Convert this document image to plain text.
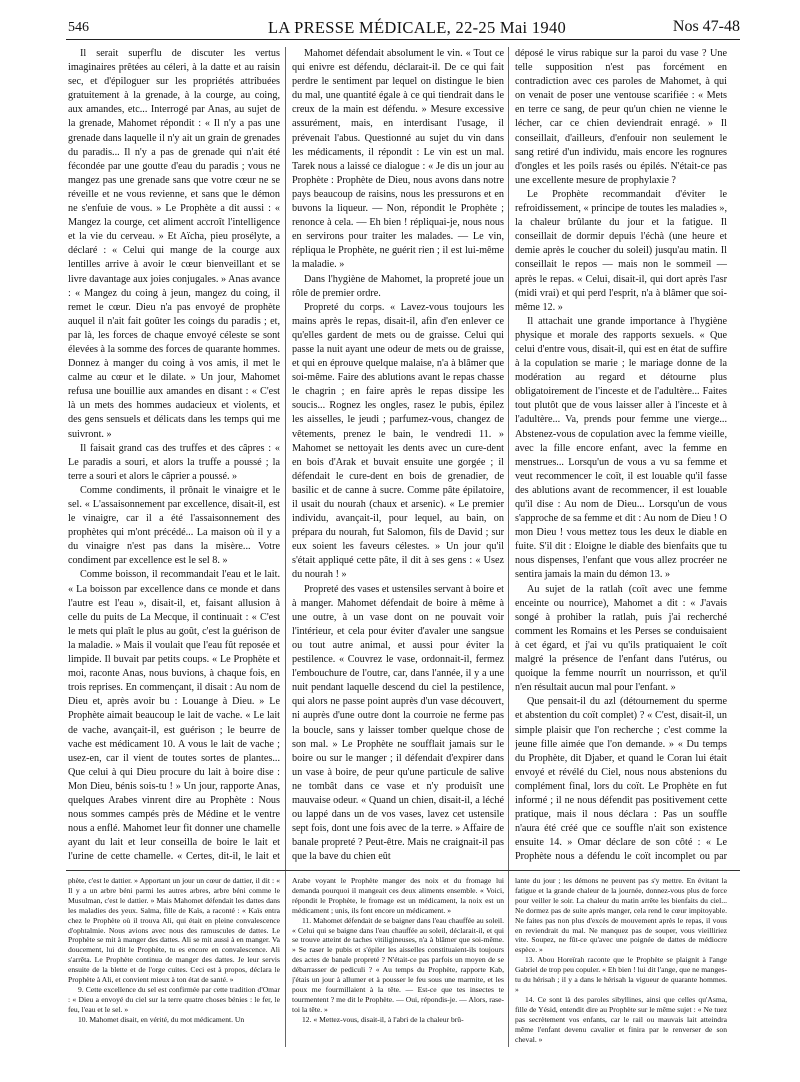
546	LA PRESSE MÉDICALE, 22-25 Mai 1940	Nos 47-48

Il serait superflu de discuter les vertus imaginaires prêtées au céleri, à la datte et au raisin sec, et d'épiloguer sur les propriétés attribuées gratuitement à la grenade, à la courge, au coing, aux amandes, etc... Interrogé par Anas, au sujet de la grenade, Mahomet répondit : « Il n'y a pas une grenade dans laquelle il n'y ait un grain de grenades du paradis... Il n'y a pas de grenade qui n'ait été fécondée par une goutte d'eau du paradis ; vous ne mangez pas une grenade sans que votre cœur ne se réveille et ne vous revienne, et sans que le démon ne s'enfuie de vous. » Le Prophète a dit aussi : « Mangez la courge, cet aliment accroît l'intelligence et la vie du cerveau. » Et Aïcha, pieu prosélyte, a déclaré : « Celui qui mange de la courge aux lentilles arrive à avoir le cœur bienveillant et se livre davantage aux joies conjugales. » Anas avance : « Mangez du coing à jeun, mangez du coing, il remet le cœur. Dieu n'a pas envoyé de prophète auquel il n'ait fait goûter les coings du paradis ; et, par là, les forces de chaque envoyé céleste se sont élevées à la somme des forces de quarante hommes. Donnez à manger du coing à vos amis, il met le calme au cœur et le dilate. » Un jour, Mahomet refusa une bouillie aux amandes en disant : « C'est là un mets des hommes audacieux et violents, et des gens sensuels et délicats dans les temps qui me suivront. »

Il faisait grand cas des truffes et des câpres : « Le paradis a souri, et alors la truffe a poussé ; la terre a souri et alors le câprier a poussé. »

Comme condiments, il prônait le vinaigre et le sel. « L'assaisonnement par excellence, disait-il, est le vinaigre, car il a été l'assaisonnement des prophètes qui m'ont précédé... La maison où il y a du vinaigre n'est pas dans la misère... Votre condiment par excellence est le sel 8. »

Comme boisson, il recommandait l'eau et le lait. « La boisson par excellence dans ce monde et dans l'autre est l'eau », disait-il, et, faisant allusion à celle du puits de La Mecque, il continuait : « C'est le mets qui plaît le plus au goût, c'est la guérison de la maladie. » Mais il voulait que l'eau fût reposée et limpide. Il buvait par petits coups. « Le Prophète et moi, raconte Anas, nous buvions, à chaque fois, en trois reprises. En commençant, il disait : Au nom de Dieu et, après avoir bu : Louange à Dieu. » Le Prophète aimait beaucoup le lait de vache. « Le lait de vache, avançait-il, est guérison ; le beurre de vache est médicament 10. A vous le lait de vache ; usez-en, car il vient de toutes sortes de plantes... Que celui à qui Dieu procure du lait à boire dise : Mon Dieu, bénis sois-tu ! » Un jour, rapporte Anas, quelques Arabes vinrent dire au Prophète : Nous nous sommes campés près de Médine et le ventre nous a enflé. Mahomet leur fit donner une chamelle ayant du lait et leur conseilla de boire le lait et l'urine de cette chamelle. « Certes, dit-il, le lait et

Mahomet défendait absolument le vin. « Tout ce qui enivre est défendu, déclarait-il. De ce qui fait perdre le sentiment par lequel on distingue le bien du mal, une quantité égale à ce qui tiendrait dans le creux de la main est défendu. » Mesure excessive assurément, mais, en interdisant l'usage, il prévenait l'abus. Questionné au sujet du vin dans les médicaments, il répondit : Le vin est un mal. Tarek nous a laissé ce dialogue : « Je dis un jour au Prophète : Prophète de Dieu, nous avons dans notre pays beaucoup de raisins, nous les pressurons et en buvons la liqueur. — Non, répondit le Prophète ; renonce à cela. — Eh bien ! répliquai-je, nous nous en servirons pour traiter les malades. — Le vin, répliqua le Prophète, ne guérit rien ; il est lui-même la maladie. »

Dans l'hygiène de Mahomet, la propreté joue un rôle de premier ordre.

Propreté du corps. « Lavez-vous toujours les mains après le repas, disait-il, afin d'en enlever ce qu'elles gardent de mets ou de graisse. Celui qui passe la nuit ayant une odeur de mets ou de graisse, et qui en éprouve quelque malaise, n'a à blâmer que soi-même. Faire des ablutions avant le repas chasse le chagrin ; en faire après le repas dissipe les soucis... Rognez les ongles, rasez le pubis, épilez les aisselles, le jeudi ; parfumez-vous, changez de vêtements, prenez le bain, le vendredi 11. » Mahomet se nettoyait les dents avec un cure-dent en bois d'Arak et buvait ensuite une gorgée ; il défendait le cure-dent en bois de grenadier, de basilic et de canne à sucre. Comme pâte épilatoire, il usait du nourah (chaux et arsenic). « Le premier individu, avançait-il, pour lequel, au bain, on prépara du nourah, fut Salomon, fils de David ; sur eux soient les faveurs célestes. » Un jour qu'il s'était appliqué cette pâte, il dit à ses gens : « Usez du nourah ! »

Propreté des vases et ustensiles servant à boire et à manger. Mahomet défendait de boire à même à une outre, à un vase dont on ne pouvait voir l'intérieur, et cela pour éviter d'avaler une sangsue ou tout autre animal, et aussi pour éviter la pestilence. « Couvrez le vase, ordonnait-il, fermez l'embouchure de l'outre, car, dans l'année, il y a une nuit pendant laquelle descend du ciel la pestilence, qui alors ne passe point auprès d'un vase découvert, ni auprès d'une outre dont la courroie ne ferme pas la boucle, sans y laisser tomber quelque chose de son mal. » Le Prophète ne soufflait jamais sur le boire ou sur le manger ; il défendait d'expirer dans un vase à boire, de peur qu'une particule de salive ne tombât dans ce vase et n'y produisît une mauvaise odeur. « Quand un chien, disait-il, a léché ou lappé dans un de vos vases, lavez cet ustensile sept fois, dont une fois avec de la terre. » Affaire de banale propreté ? Peut-être. Mais ne craignait-il pas que la bave du chien eût

déposé le virus rabique sur la paroi du vase ? Une telle supposition n'est pas forcément en contradiction avec ces paroles de Mahomet, à qui on venait de poser une ventouse scarifiée : « Mets en terre ce sang, de peur qu'un chien ne vienne le lécher, car ce chien deviendrait enragé. » Il conseillait, d'ailleurs, d'enfouir non seulement le sang retiré d'un individu, mais encore les rognures d'ongles et les poils rasés ou épilés. N'était-ce pas une excellente mesure de prophylaxie ?

Le Prophète recommandait d'éviter le refroidissement, « principe de toutes les maladies », la chaleur brûlante du jour et la fatigue. Il conseillait de dormir depuis l'échà (une heure et demie après le coucher du soleil) jusqu'au matin. Il conseillait le repos — mais non le sommeil — après le repas. « Celui, disait-il, qui dort après l'asr (midi vrai) et qui perd l'esprit, n'a à blâmer que soi-même 12. »

Il attachait une grande importance à l'hygiène physique et morale des rapports sexuels. « Que celui d'entre vous, disait-il, qui est en état de suffire à la copulation se marie ; le mariage donne de la modération au regard et détourne plus obligatoirement de l'inceste et de l'adultère... Faites tout plutôt que de vous laisser aller à l'inceste et à l'adultère... Va, prends pour femme une vierge... Abstenez-vous de copulation avec la femme vieille, avec la fille encore enfant, avec la femme en menstrues... Lorsqu'un de vous a vu sa femme et veut recommencer le coït, il est louable qu'il fasse des ablutions avant de recommencer, il est louable qu'il dise : Au nom de Dieu... Lorsqu'un de vous s'approche de sa femme et dit : Au nom de Dieu ! O mon Dieu ! vous mettez tous les deux le diable en fuite. S'il dit : Eloigne le diable des bienfaits que tu nous dispenses, l'enfant que vous allez procréer ne sentira jamais la main du démon 13. »

Au sujet de la ratlah (coït avec une femme enceinte ou nourrice), Mahomet a dit : « J'avais songé à prohiber la ratlah, puis j'ai recherché comment les Romains et les Perses se conduisaient à cet égard, et j'ai vu qu'ils pratiquaient le coït malgré la présence de l'enfant dans l'utérus, ou quoique la femme nourrît un nourrisson, et qu'il n'en résultait aucun mal pour l'enfant. »

Que pensait-il du azl (détournement du sperme et abstention du coït complet) ? « C'est, disait-il, un simple plaisir que l'on recherche ; c'est comme la jeune fille aimée que l'on demande. » « Du temps du Prophète, dit Djaber, et quand le Coran lui était envoyé et révélé du Ciel, nous nous abstenions du complément final, lors du coït. Le Prophète en fut informé ; il ne nous défendit pas positivement cette pratique, mais il nous déclara : Pas un souffle n'aura été créé que ce souffle n'ait son existence ensuite 14. » Omar déclare de son côté : « Le Prophète nous a défendu le coït incomplet ou par

phète, c'est le dattier. » Apportant un jour un cœur de dattier, il dit : « Il y a un arbre béni parmi les autres arbres, arbre béni comme le Musulman, c'est le dattier. » Mais Mahomet défendait les dattes dans les maladies des yeux. Salma, fille de Kaïs, a raconté : « Kaïs entra chez le Prophète où il trouva Ali, qui était en pleine convalescence d'ophtalmie. Nous avions avec nous des ramuscules de dattes. Le Prophète se mit à manger des dattes. Ali se mit aussi à en manger. Va doucement, lui dit le Prophète, tu es encore en convalescence. Ali s'arrêta. Le Prophète continua de manger des dattes. Je leur servis ensuite de la blette et de l'orge cuites. Ceci est à propos, déclara le Prophète à Ali, et convient mieux à ton état de santé. »

9. Cette excellence du sel est confirmée par cette tradition d'Omar : « Dieu a envoyé du ciel sur la terre quatre choses bénies : le fer, le feu, l'eau et le sel. »

10. Mahomet disait, en vérité, du mot médicament. Un

Arabe voyant le Prophète manger des noix et du fromage lui demanda pourquoi il mangeait ces deux aliments ensemble. « Voici, répondit le Prophète, le fromage est un médicament, la noix est un médicament ; unis, ils font encore un médicament. »

11. Mahomet défendait de se baigner dans l'eau chauffée au soleil. « Celui qui se baigne dans l'eau chauffée au soleil, déclarait-il, et qui se trouve atteint de taches vitiligineuses, n'a à blâmer que soi-même. » Se raser le pubis et s'épiler les aisselles constituaient-ils toujours des actes de banale propreté ? N'était-ce pas parfois un moyen de se débarrasser de pediculi ? « Au temps du Prophète, rapporte Kab, j'étais un jour à allumer et à pousser le feu sous une marmite, et les poux me fourmillaient à la tête. — Est-ce que tes insectes te tourmentent ? me dit le Prophète. — Oui, répondis-je. — Alors, rase-toi la tête. »

12. « Mettez-vous, disait-il, à l'abri de la chaleur brû-

lante du jour ; les démons ne peuvent pas s'y mettre. En évitant la fatigue et la grande chaleur de la journée, donnez-vous plus de force pour veiller le soir. La chaleur du matin arrête les bienfaits du ciel... Ne dormez pas de suite après manger, cela rend le cœur impitoyable. Ne faites pas non plus d'excès de mouvement après le repas, il vous en reviendrait du mal. Ne manquez pas de souper, vous vieilliriez vite. Soupez, ne fût-ce qu'avec une poignée de dattes de médiocre espèce. »

13. Abou Horeïrah raconte que le Prophète se plaignit à l'ange Gabriel de trop peu copuler. « Eh bien ! lui dit l'ange, que ne manges-tu du hérisah ; il y a dans le hérisah la vigueur de quarante hommes. »

14. Ce sont là des paroles sibyllines, ainsi que celles qu'Asma, fille de Yésid, entendit dire au Prophète sur le même sujet : « Ne tuez pas secrètement vos enfants, car le rail ou mauvais lait atteindra même l'enfant devenu cavalier et finira par le renverser de son cheval. »
